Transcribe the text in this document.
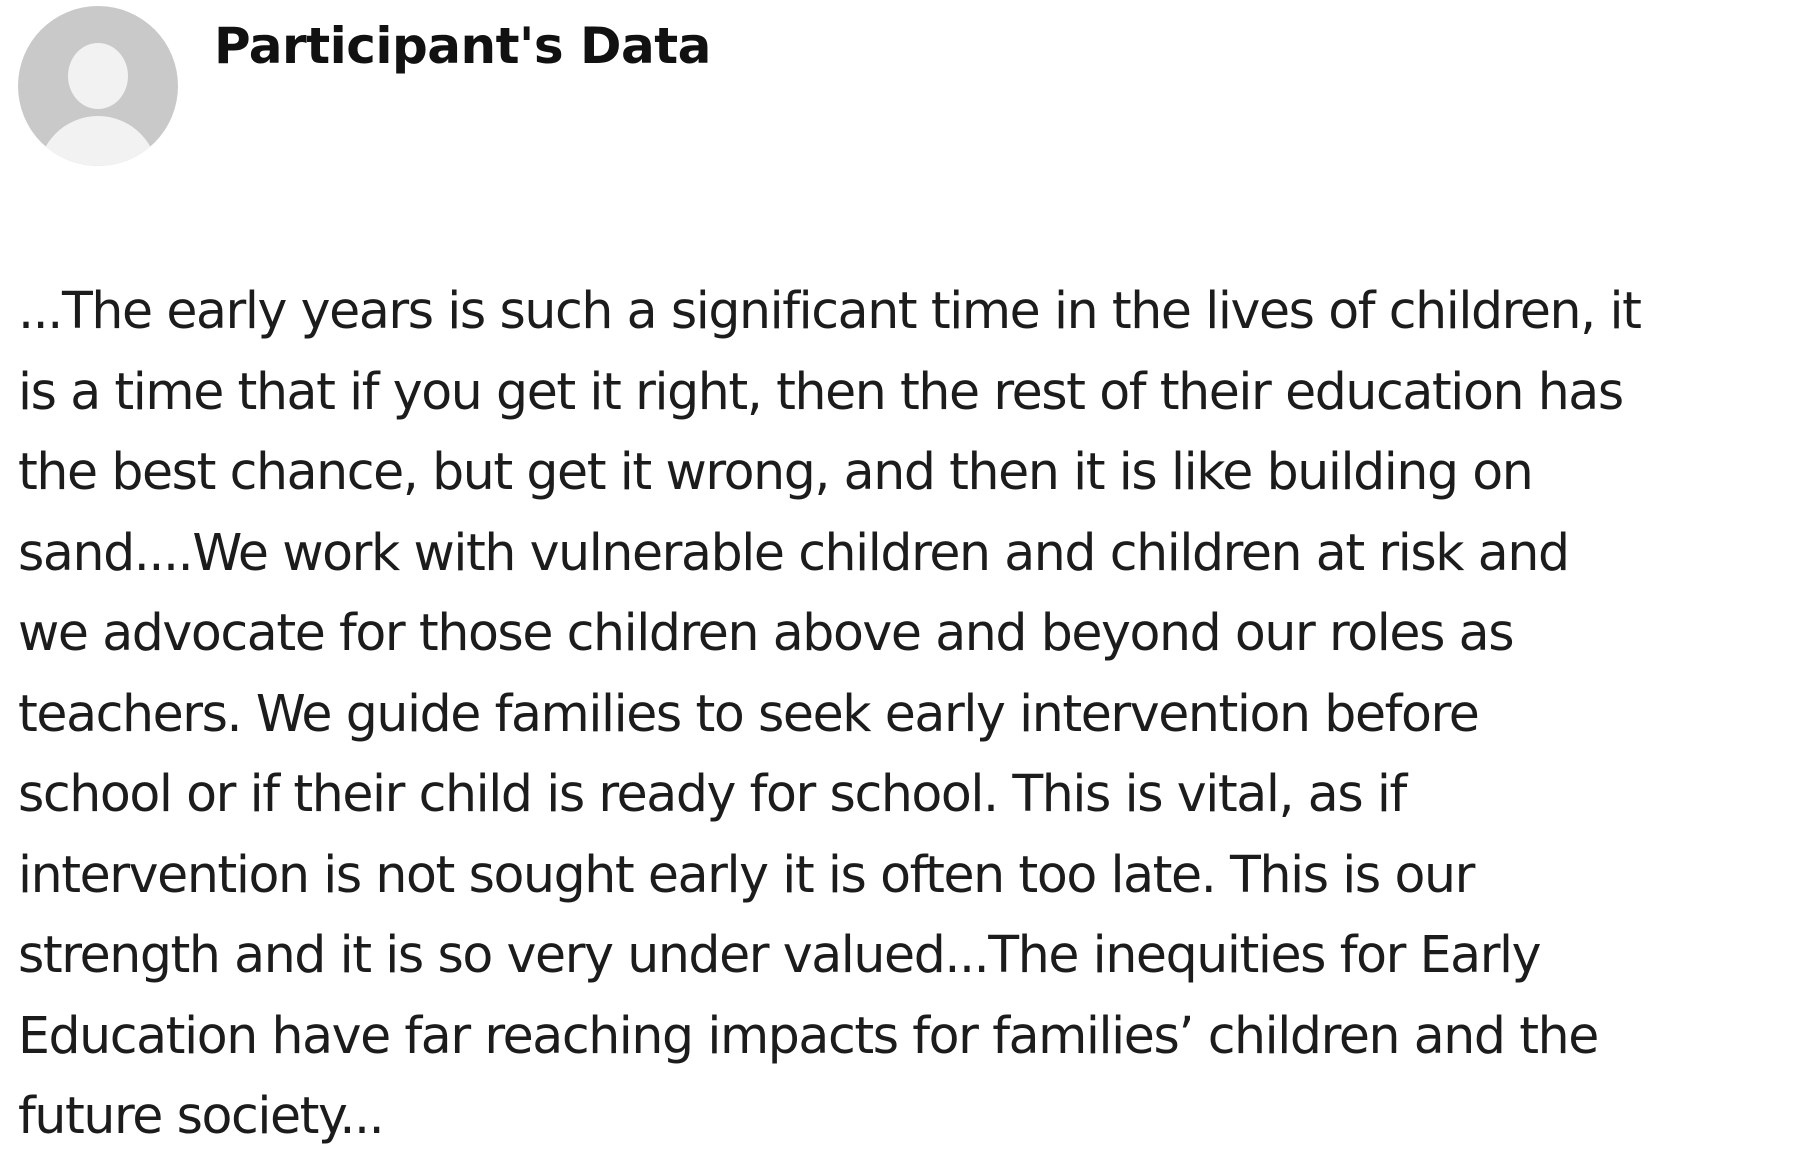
Participant's Data

...The early years is such a significant time in the lives of children, it
is a time that if you get it right, then the rest of their education has
the best chance, but get it wrong, and then it is like building on
sand....We work with vulnerable children and children at risk and
we advocate for those children above and beyond our roles as
teachers. We guide families to seek early intervention before
school or if their child is ready for school. This is vital, as if
intervention is not sought early it is often too late. This is our
strength and it is so very under valued...The inequities for Early
Education have far reaching impacts for families’ children and the
future society...
